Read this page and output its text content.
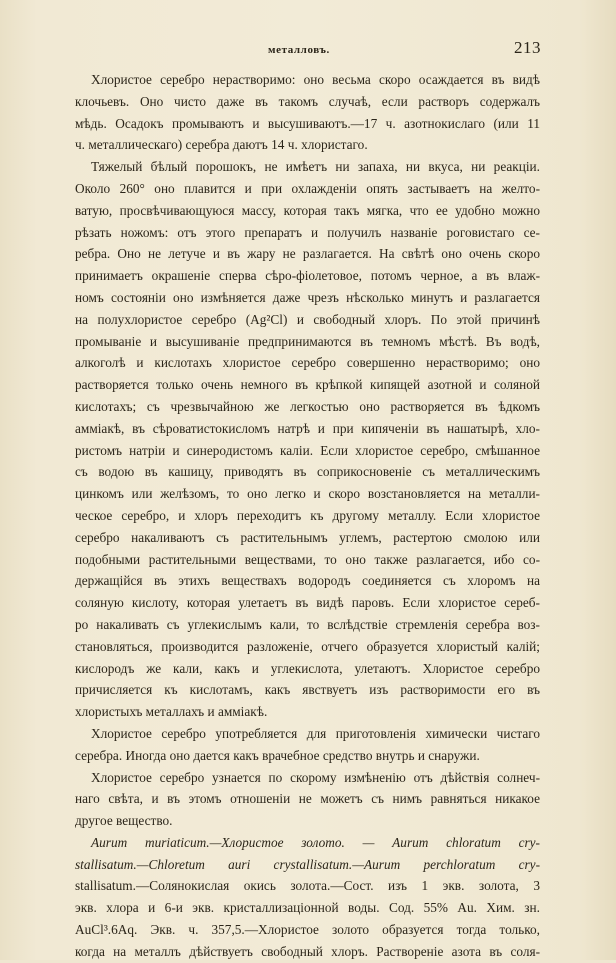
металловъ.	213
Хлористое серебро нерастворимо: оно весьма скоро осаждается въ видѣ
клочьевъ. Оно чисто даже въ такомъ случаѣ, если растворъ содержалъ
мѣдь. Осадокъ промываютъ и высушиваютъ.—17 ч. азотнокислаго (или 11
ч. металлическаго) серебра даютъ 14 ч. хлористаго.
Тяжелый бѣлый порошокъ, не имѣетъ ни запаха, ни вкуса, ни реакціи.
Около 260° оно плавится и при охлажденіи опять застываетъ на желто-
ватую, просвѣчивающуюся массу, которая такъ мягка, что ее удобно можно
рѣзать ножомъ: отъ этого препаратъ и получилъ названіе роговистаго се-
ребра. Оно не летуче и въ жару не разлагается. На свѣтѣ оно очень скоро
принимаетъ окрашеніе сперва сѣро-фіолетовое, потомъ черное, а въ влаж-
номъ состояніи оно измѣняется даже чрезъ нѣсколько минутъ и разлагается
на полухлористое серебро (Ag²Cl) и свободный хлоръ. По этой причинѣ
промываніе и высушиваніе предпринимаются въ темномъ мѣстѣ. Въ водѣ,
алкоголѣ и кислотахъ хлористое серебро совершенно нерастворимо; оно
растворяется только очень немного въ крѣпкой кипящей азотной и соляной
кислотахъ; съ чрезвычайною же легкостью оно растворяется въ ѣдкомъ
аммiакѣ, въ сѣроватистокисломъ натрѣ и при кипяченіи въ нашатырѣ, хло-
ристомъ натріи и синеродистомъ каліи. Если хлористое серебро, смѣшанное
съ водою въ кашицу, приводятъ въ соприкосновеніе съ металлическимъ
цинкомъ или желѣзомъ, то оно легко и скоро возстановляется на металли-
ческое серебро, и хлоръ переходитъ къ другому металлу. Если хлористое
серебро накаливаютъ съ растительнымъ углемъ, растертою смолою или
подобными растительными веществами, то оно также разлагается, ибо со-
держащійся въ этихъ веществахъ водородъ соединяется съ хлоромъ на
соляную кислоту, которая улетаетъ въ видѣ паровъ. Если хлористое сереб-
ро накаливать съ углекислымъ кали, то вслѣдствіе стремленія серебра воз-
становляться, производится разложеніе, отчего образуется хлористый калій;
кислородъ же кали, какъ и углекислота, улетаютъ. Хлористое серебро
причисляется къ кислотамъ, какъ явствуетъ изъ растворимости его въ
хлористыхъ металлахъ и аммiакѣ.
Хлористое серебро употребляется для приготовленія химически чистаго
серебра. Иногда оно дается какъ врачебное средство внутрь и снаружи.
Хлористое серебро узнается по скорому измѣненію отъ дѣйствія солнеч-
наго свѣта, и въ этомъ отношеніи не можетъ съ нимъ равняться никакое
другое вещество.
Aurum muriaticum.—Хлористое золото. — Aurum chloratum cry-
stallisatum.—Chloretum auri crystallisatum.—Aurum perchloratum cry-
stallisatum.—Солянокислая окись золота.—Сост. изъ 1 экв. золота, 3
экв. хлора и 6-и экв. кристаллизаціонной воды. Сод. 55% Au. Хим. зн.
AuCl³.6Aq. Экв. ч. 357,5.—Хлористое золото образуется тогда только,
когда на металлъ дѣйствуетъ свободный хлоръ. Раствореніе азота въ соля-
